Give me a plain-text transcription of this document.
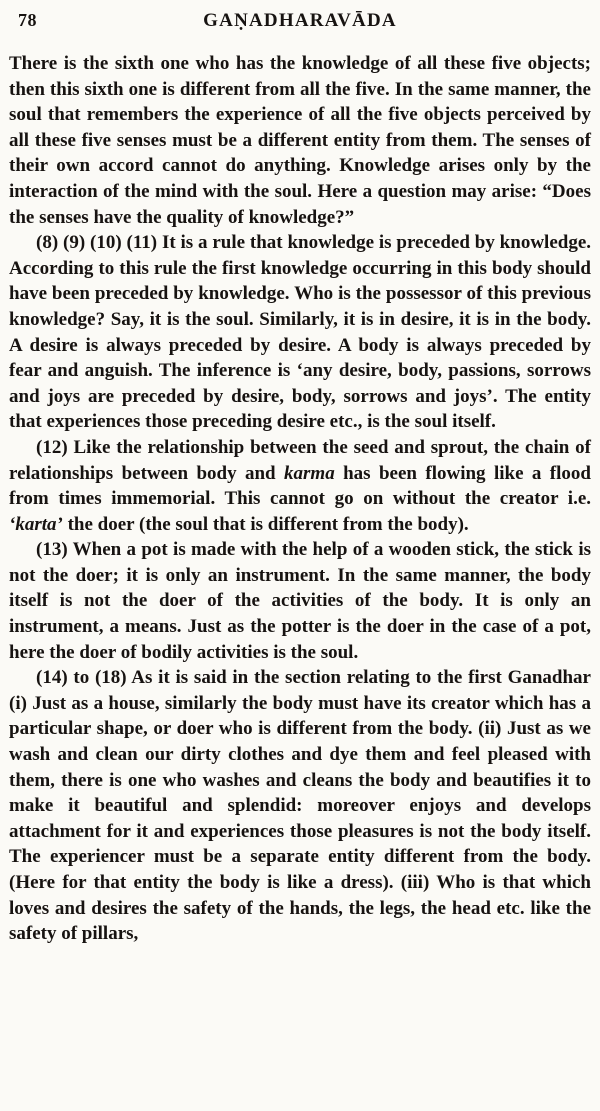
78	GAṆADHARAVĀDA

There is the sixth one who has the knowledge of all these five objects; then this sixth one is different from all the five. In the same manner, the soul that remembers the experience of all the five objects perceived by all these five senses must be a different entity from them. The senses of their own accord cannot do anything. Knowledge arises only by the interaction of the mind with the soul. Here a question may arise: “Does the senses have the quality of knowledge?”

(8) (9) (10) (11) It is a rule that knowledge is preceded by knowledge. According to this rule the first knowledge occurring in this body should have been preceded by knowledge. Who is the possessor of this previous knowledge? Say, it is the soul. Similarly, it is in desire, it is in the body. A desire is always preceded by desire. A body is always preceded by fear and anguish. The inference is ‘any desire, body, passions, sorrows and joys are preceded by desire, body, sorrows and joys’. The entity that experiences those preceding desire etc., is the soul itself.

(12) Like the relationship between the seed and sprout, the chain of relationships between body and karma has been flowing like a flood from times immemorial. This cannot go on without the creator i.e. ‘karta’ the doer (the soul that is different from the body).

(13) When a pot is made with the help of a wooden stick, the stick is not the doer; it is only an instrument. In the same manner, the body itself is not the doer of the activities of the body. It is only an instrument, a means. Just as the potter is the doer in the case of a pot, here the doer of bodily activities is the soul.

(14) to (18) As it is said in the section relating to the first Ganadhar (i) Just as a house, similarly the body must have its creator which has a particular shape, or doer who is different from the body. (ii) Just as we wash and clean our dirty clothes and dye them and feel pleased with them, there is one who washes and cleans the body and beautifies it to make it beautiful and splendid: moreover enjoys and develops attachment for it and experiences those pleasures is not the body itself. The experiencer must be a separate entity different from the body. (Here for that entity the body is like a dress). (iii) Who is that which loves and desires the safety of the hands, the legs, the head etc. like the safety of pillars,
